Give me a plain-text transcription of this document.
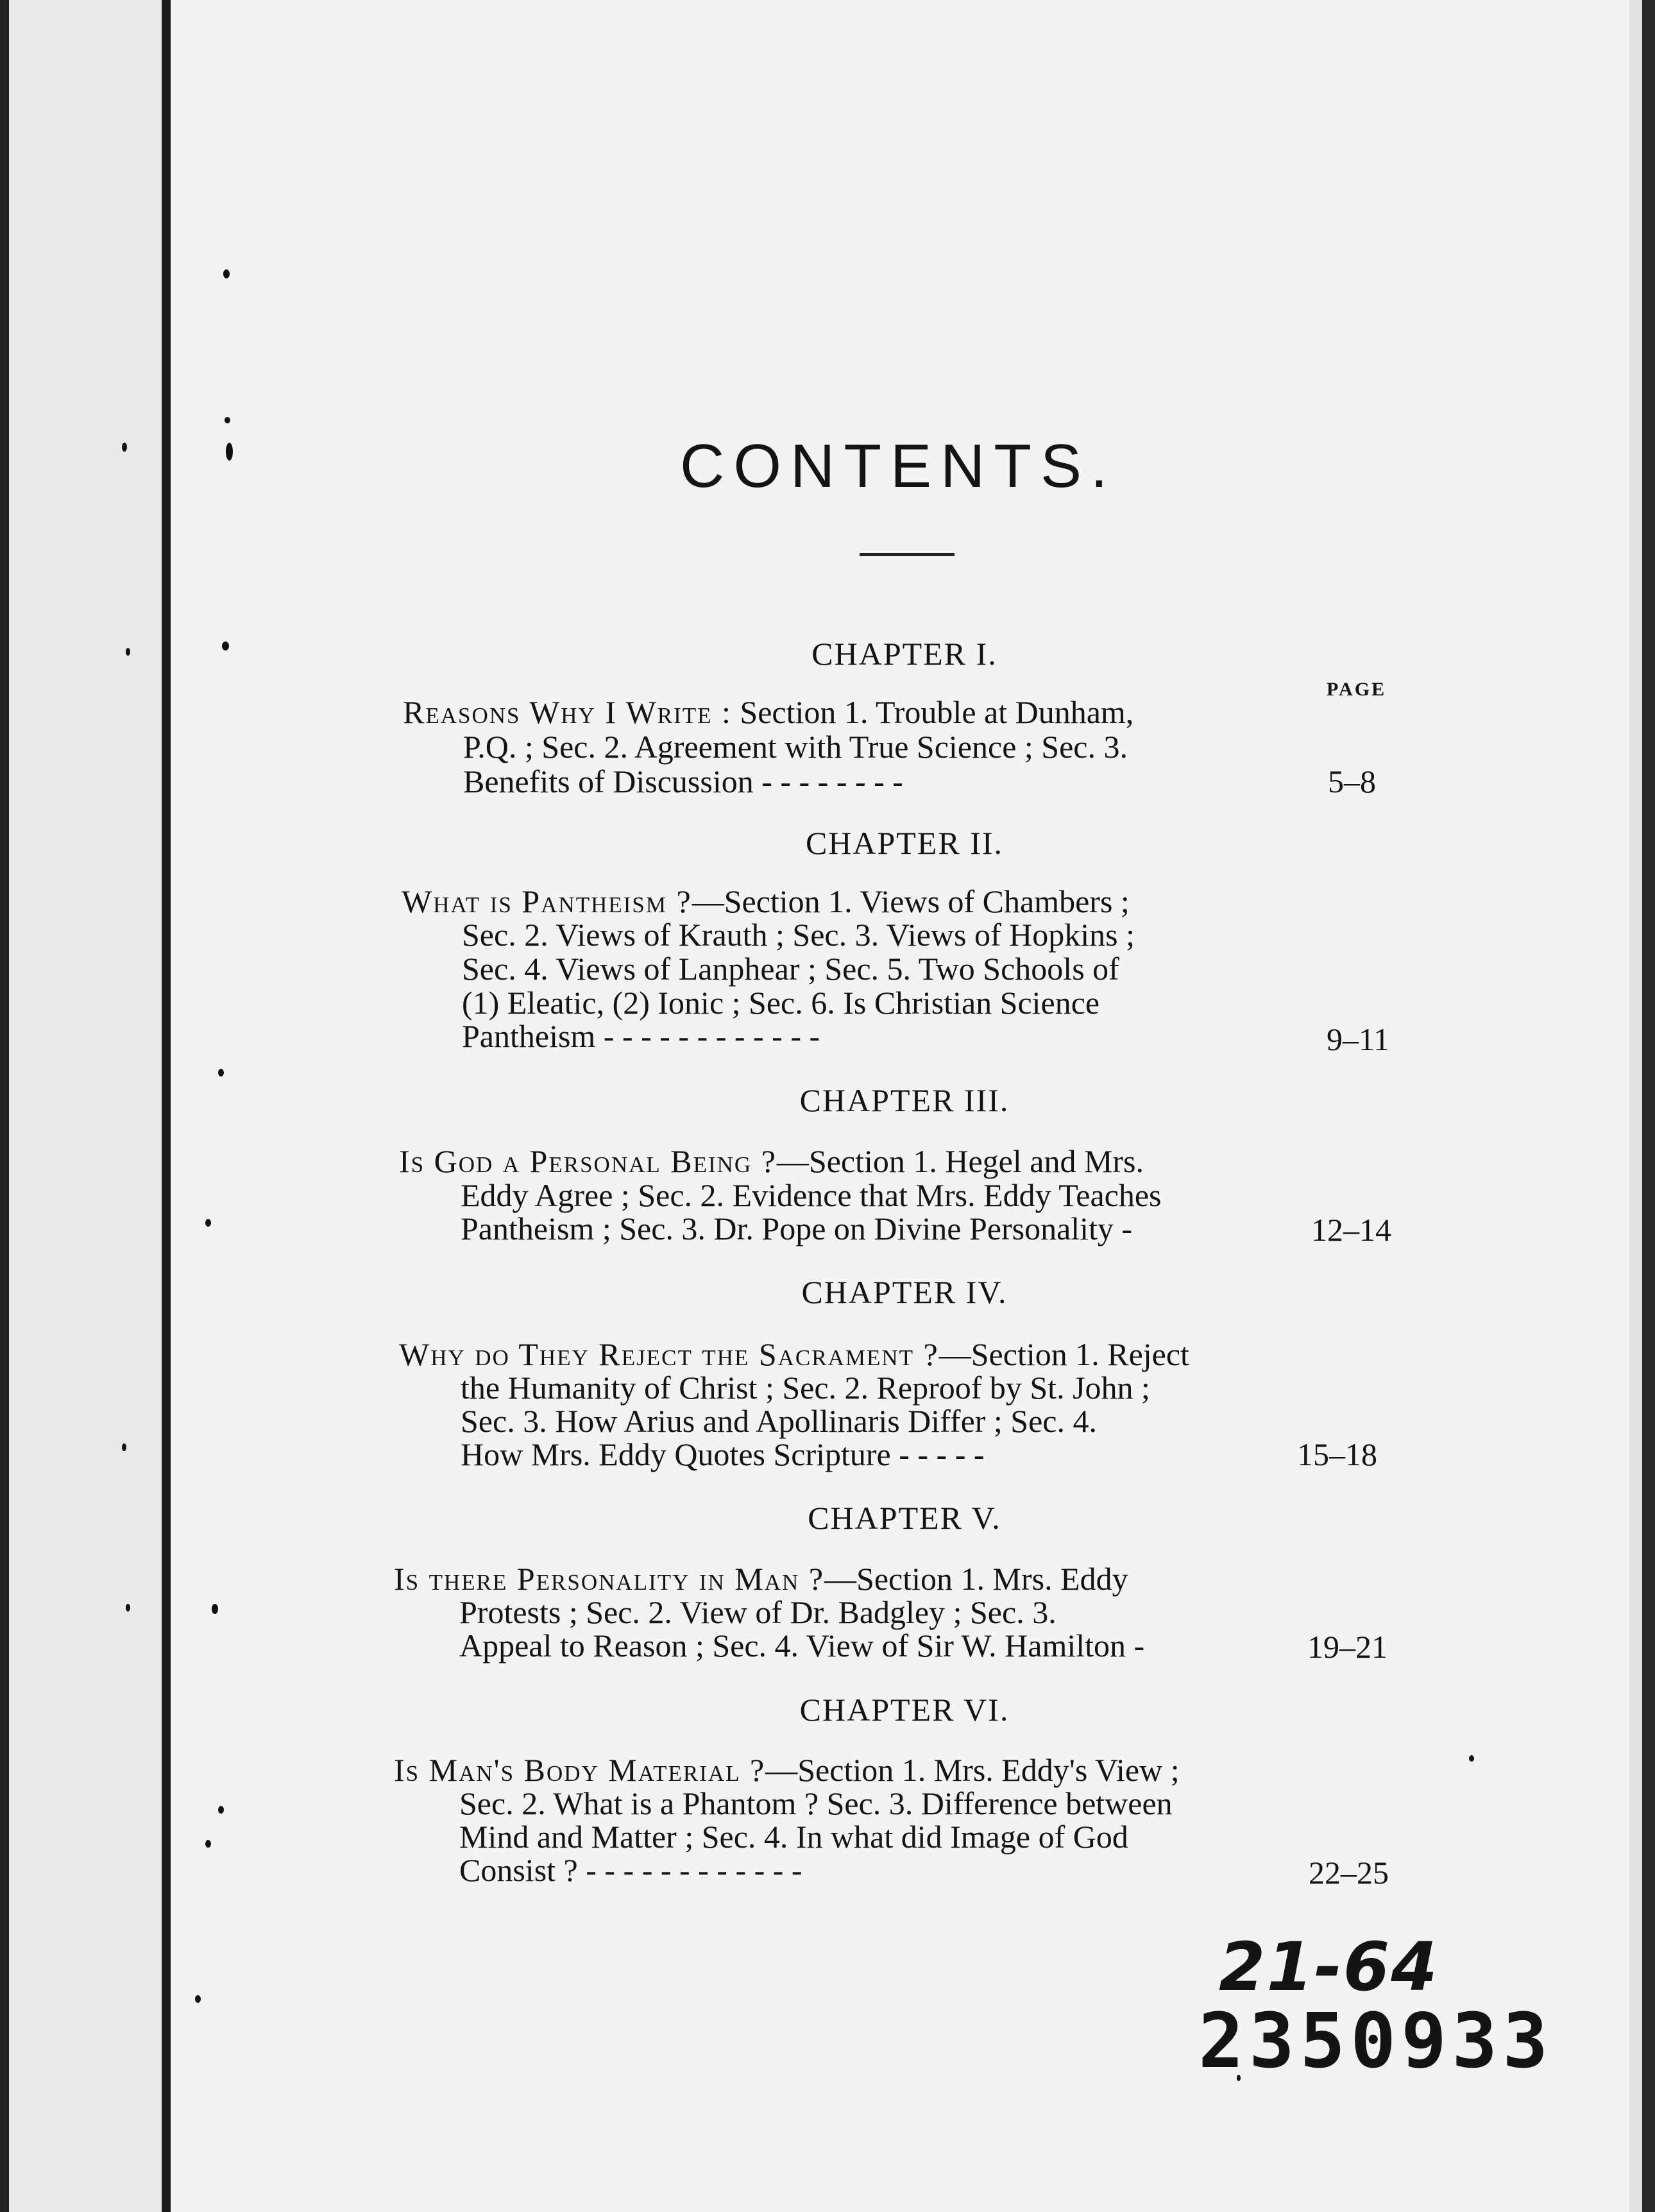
CONTENTS.
PAGE
CHAPTER I.
Reasons Why I Write : Section 1. Trouble at Dunham,
P.Q. ; Sec. 2. Agreement with True Science ; Sec. 3.
Benefits of Discussion - - - - - - - -	5–8
CHAPTER II.
What is Pantheism ?—Section 1. Views of Chambers ;
Sec. 2. Views of Krauth ; Sec. 3. Views of Hopkins ;
Sec. 4. Views of Lanphear ; Sec. 5. Two Schools of
(1) Eleatic, (2) Ionic ; Sec. 6. Is Christian Science
Pantheism - - - - - - - - - - - -	9–11
CHAPTER III.
Is God a Personal Being ?—Section 1. Hegel and Mrs.
Eddy Agree ; Sec. 2. Evidence that Mrs. Eddy Teaches
Pantheism ; Sec. 3. Dr. Pope on Divine Personality -	12–14
CHAPTER IV.
Why do They Reject the Sacrament ?—Section 1. Reject
the Humanity of Christ ; Sec. 2. Reproof by St. John ;
Sec. 3. How Arius and Apollinaris Differ ; Sec. 4.
How Mrs. Eddy Quotes Scripture - - - - -	15–18
CHAPTER V.
Is there Personality in Man ?—Section 1. Mrs. Eddy
Protests ; Sec. 2. View of Dr. Badgley ; Sec. 3.
Appeal to Reason ; Sec. 4. View of Sir W. Hamilton -	19–21
CHAPTER VI.
Is Man's Body Material ?—Section 1. Mrs. Eddy's View ;
Sec. 2. What is a Phantom ? Sec. 3. Difference between
Mind and Matter ; Sec. 4. In what did Image of God
Consist ? - - - - - - - - - - - -	22–25
21-64
2350933
